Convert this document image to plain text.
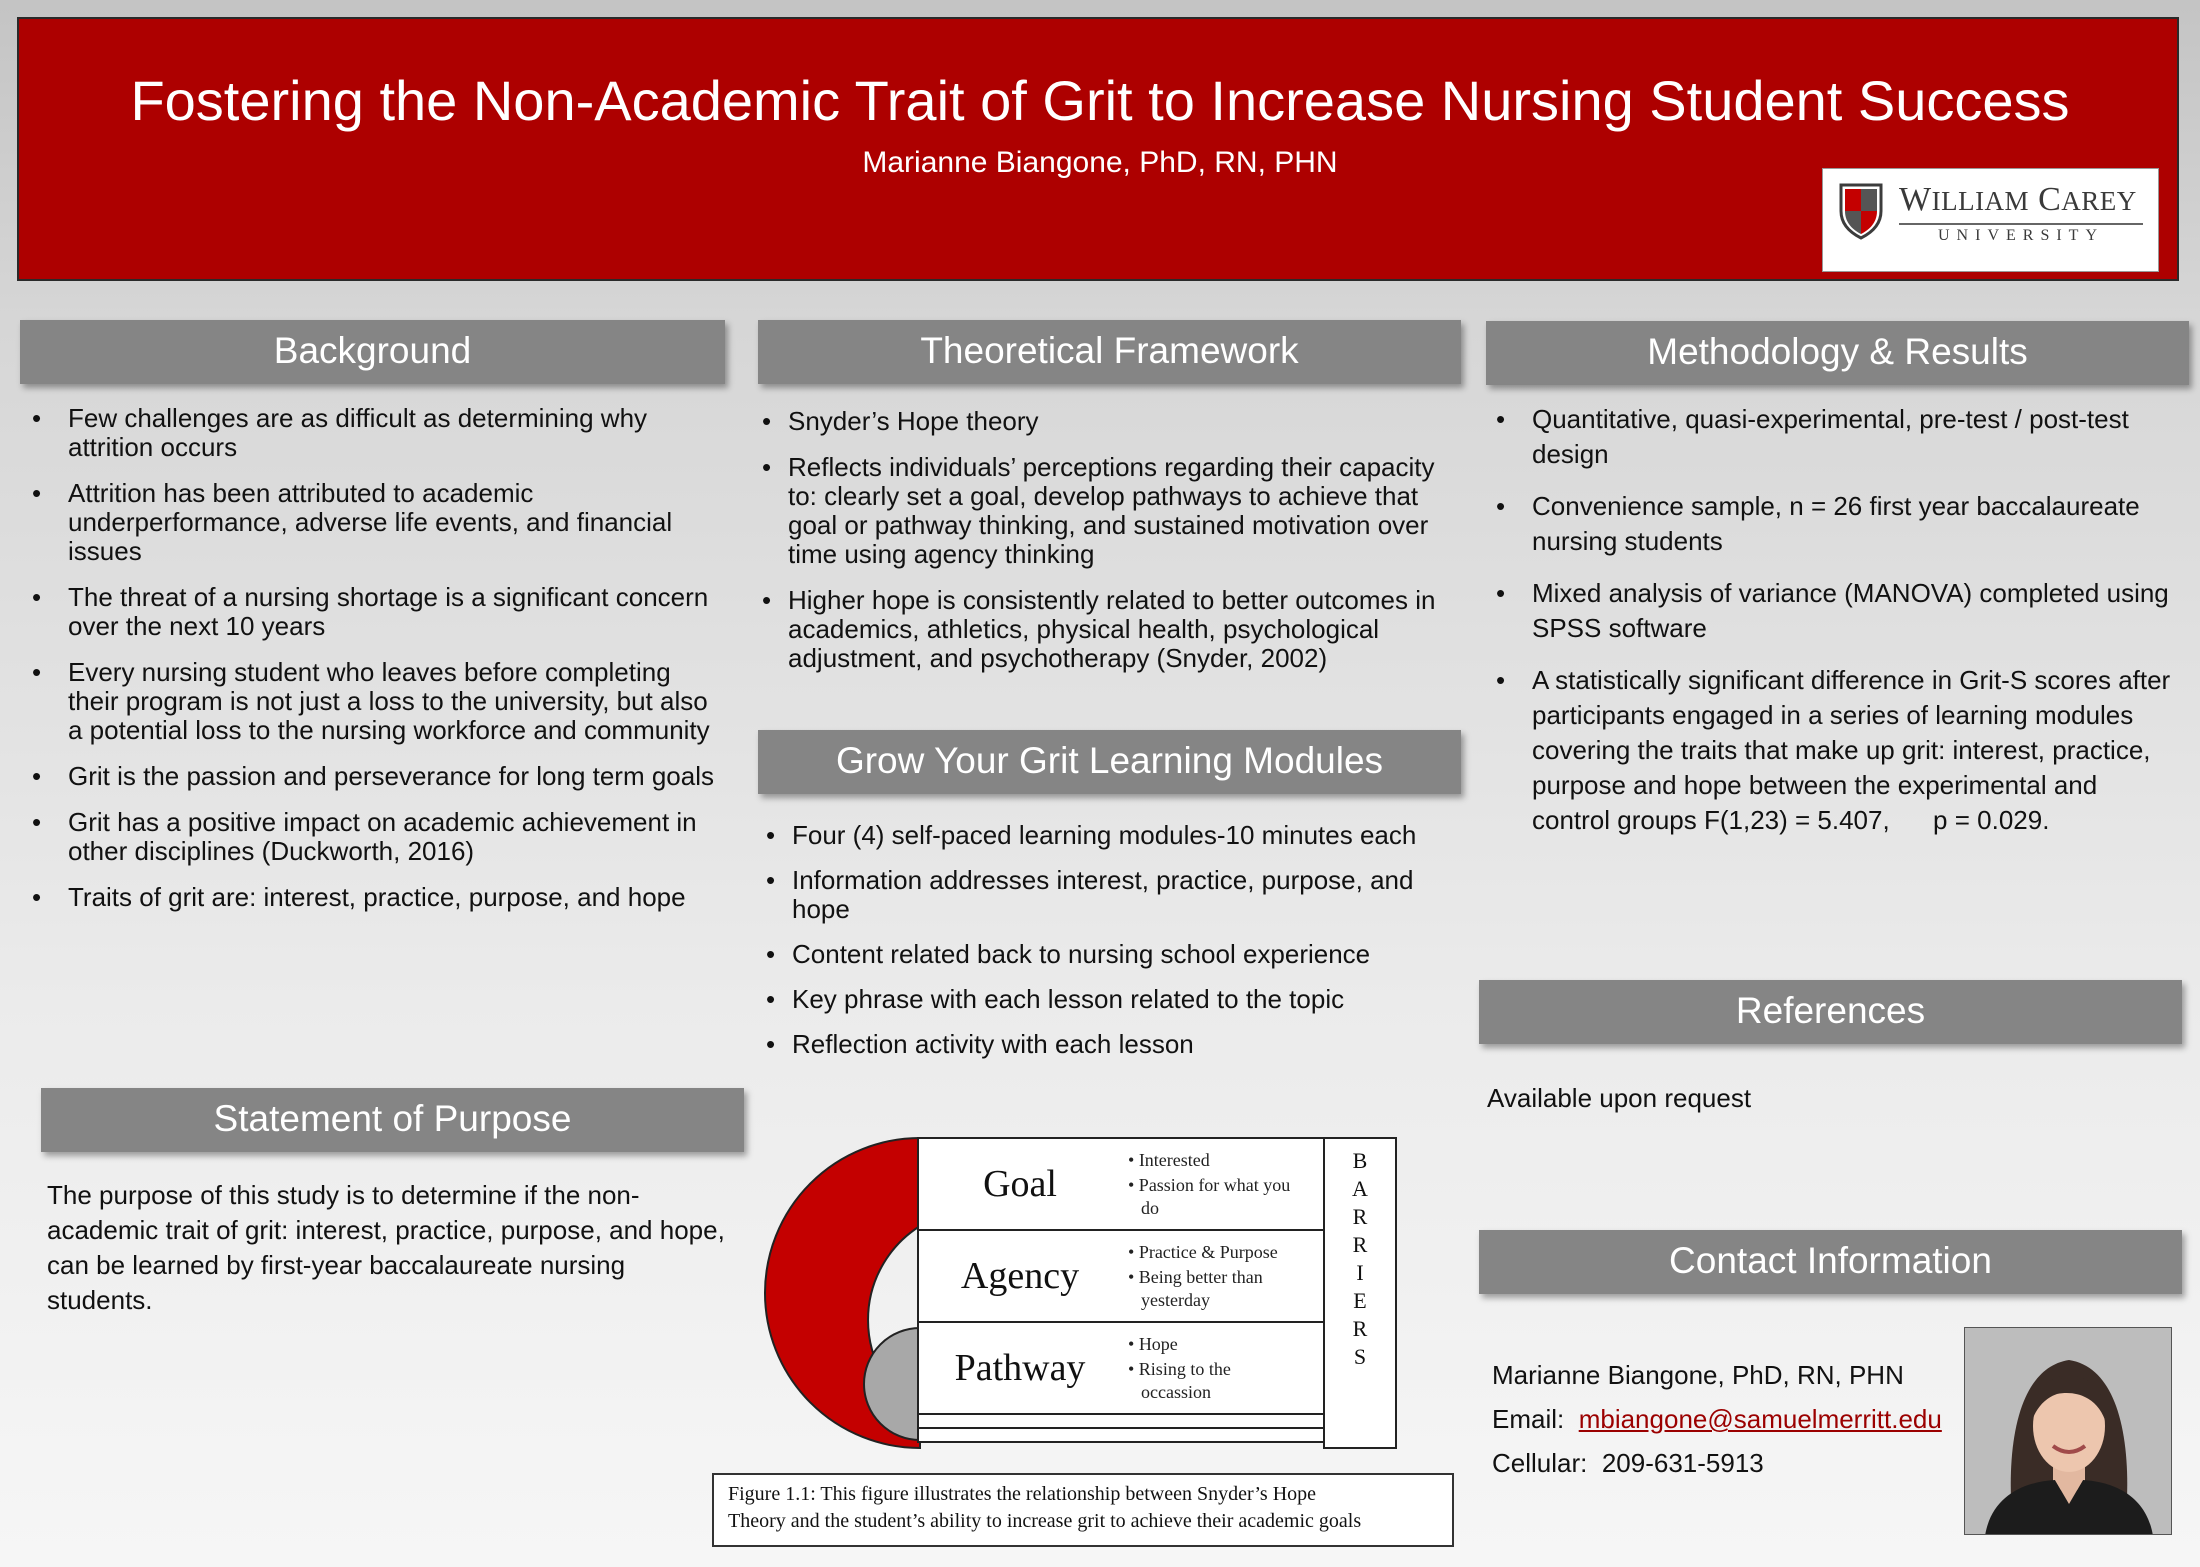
Fostering the Non-Academic Trait of Grit to Increase Nursing Student Success
Marianne Biangone, PhD, RN, PHN
WILLIAM CAREY
UNIVERSITY
Background
• Few challenges are as difficult as determining why attrition occurs
• Attrition has been attributed to academic underperformance, adverse life events, and financial issues
• The threat of a nursing shortage is a significant concern over the next 10 years
• Every nursing student who leaves before completing their program is not just a loss to the university, but also a potential loss to the nursing workforce and community
• Grit is the passion and perseverance for long term goals
• Grit has a positive impact on academic achievement in other disciplines (Duckworth, 2016)
• Traits of grit are: interest, practice, purpose, and hope
Statement of Purpose
The purpose of this study is to determine if the non-academic trait of grit: interest, practice, purpose, and hope, can be learned by first-year baccalaureate nursing students.
Theoretical Framework
• Snyder’s Hope theory
• Reflects individuals’ perceptions regarding their capacity to: clearly set a goal, develop pathways to achieve that goal or pathway thinking, and sustained motivation over time using agency thinking
• Higher hope is consistently related to better outcomes in academics, athletics, physical health, psychological adjustment, and psychotherapy (Snyder, 2002)
Grow Your Grit Learning Modules
• Four (4) self-paced learning modules-10 minutes each
• Information addresses interest, practice, purpose, and hope
• Content related back to nursing school experience
• Key phrase with each lesson related to the topic
• Reflection activity with each lesson
Goal
Agency
Pathway
• Interested
• Passion for what you
do
• Practice & Purpose
• Being better than
yesterday
• Hope
• Rising to the
occassion
B
A
R
R
I
E
R
S
Figure 1.1: This figure illustrates the relationship between Snyder’s Hope
Theory and the student’s ability to increase grit to achieve their academic goals
Methodology & Results
• Quantitative, quasi-experimental, pre-test / post-test design
• Convenience sample, n = 26 first year baccalaureate nursing students
• Mixed analysis of variance (MANOVA) completed using SPSS software
• A statistically significant difference in Grit-S scores after participants engaged in a series of learning modules covering the traits that make up grit: interest, practice, purpose and hope between the experimental and control groups F(1,23) = 5.407,      p = 0.029.
References
Available upon request
Contact Information
Marianne Biangone, PhD, RN, PHN
Email: mbiangone@samuelmerritt.edu
Cellular: 209-631-5913
